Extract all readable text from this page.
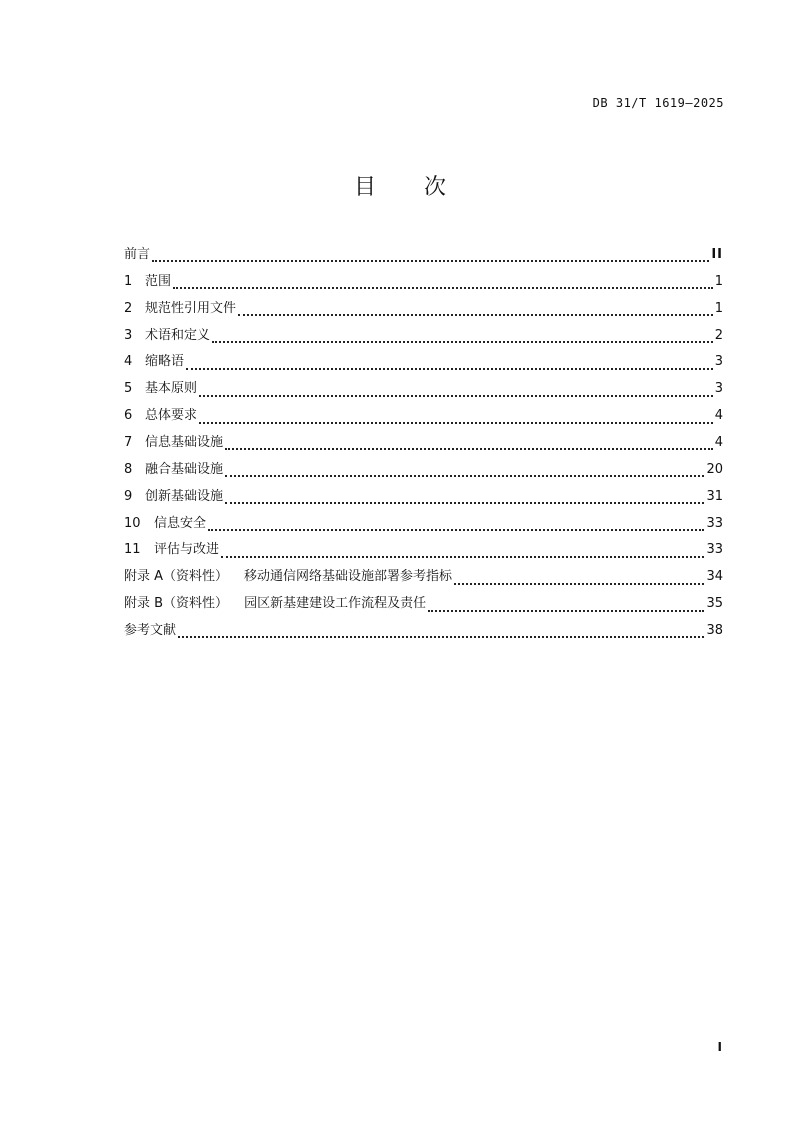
DB 31/T 1619—2025
目次
前言	II
1 范围	1
2 规范性引用文件	1
3 术语和定义	2
4 缩略语	3
5 基本原则	3
6 总体要求	4
7 信息基础设施	4
8 融合基础设施	20
9 创新基础设施	31
10	信息安全	33
11	评估与改进	33
附录 A（资料性） 移动通信网络基础设施部署参考指标	34
附录 B（资料性） 园区新基建建设工作流程及责任	35
参考文献	38
I
